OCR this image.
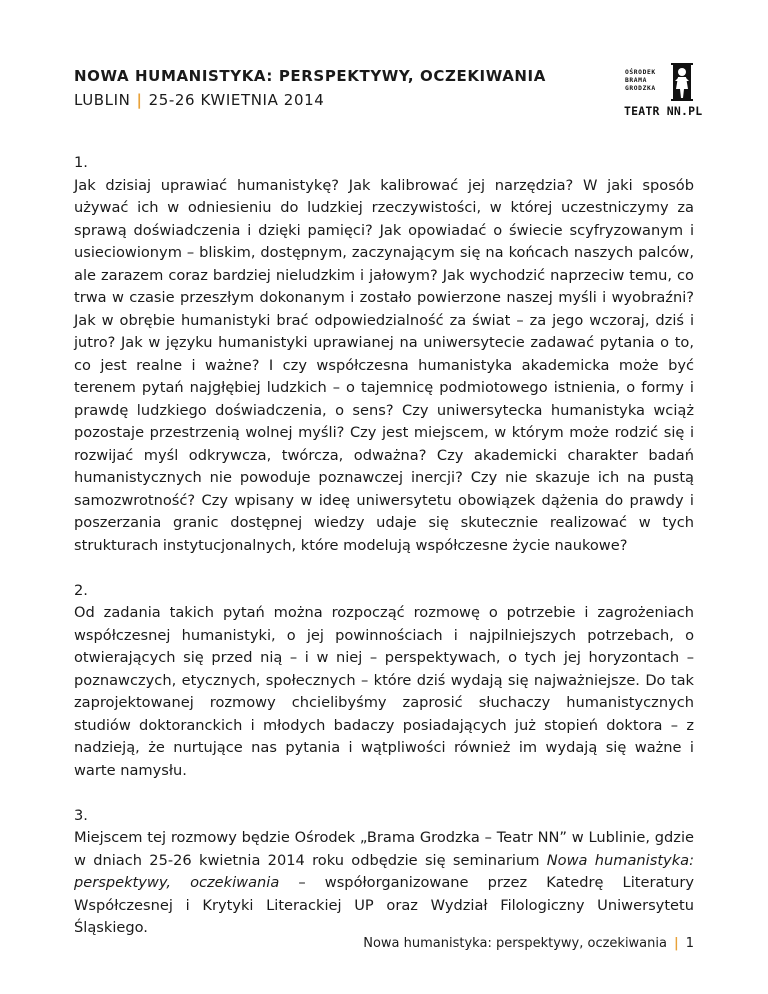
NOWA HUMANISTYKA: PERSPEKTYWY, OCZEKIWANIA
LUBLIN | 25-26 KWIETNIA 2014
OŚRODEK
BRAMA
GRODZKA
TEATR NN.PL
1.
Jak dzisiaj uprawiać humanistykę? Jak kalibrować jej narzędzia? W jaki sposób używać ich w odniesieniu do ludzkiej rzeczywistości, w której uczestniczymy za sprawą doświadczenia i dzięki pamięci? Jak opowiadać o świecie scyfryzowanym i usieciowionym – bliskim, dostępnym, zaczynającym się na końcach naszych palców, ale zarazem coraz bardziej nieludzkim i jałowym? Jak wychodzić naprzeciw temu, co trwa w czasie przeszłym dokonanym i zostało powierzone naszej myśli i wyobraźni? Jak w obrębie humanistyki brać odpowiedzialność za świat – za jego wczoraj, dziś i jutro? Jak w języku humanistyki uprawianej na uniwersytecie zadawać pytania o to, co jest realne i ważne? I czy współczesna humanistyka akademicka może być terenem pytań najgłębiej ludzkich – o tajemnicę podmiotowego istnienia, o formy i prawdę ludzkiego doświadczenia, o sens? Czy uniwersytecka humanistyka wciąż pozostaje przestrzenią wolnej myśli? Czy jest miejscem, w którym może rodzić się i rozwijać myśl odkrywcza, twórcza, odważna? Czy akademicki charakter badań humanistycznych nie powoduje poznawczej inercji? Czy nie skazuje ich na pustą samozwrotność? Czy wpisany w ideę uniwersytetu obowiązek dążenia do prawdy i poszerzania granic dostępnej wiedzy udaje się skutecznie realizować w tych strukturach instytucjonalnych, które modelują współczesne życie naukowe?
2.
Od zadania takich pytań można rozpocząć rozmowę o potrzebie i zagrożeniach współczesnej humanistyki, o jej powinnościach i najpilniejszych potrzebach, o otwierających się przed nią – i w niej – perspektywach, o tych jej horyzontach – poznawczych, etycznych, społecznych – które dziś wydają się najważniejsze. Do tak zaprojektowanej rozmowy chcielibyśmy zaprosić słuchaczy humanistycznych studiów doktoranckich i młodych badaczy posiadających już stopień doktora – z nadzieją, że nurtujące nas pytania i wątpliwości również im wydają się ważne i warte namysłu.
3.
Miejscem tej rozmowy będzie Ośrodek „Brama Grodzka – Teatr NN” w Lublinie, gdzie w dniach 25-26 kwietnia 2014 roku odbędzie się seminarium Nowa humanistyka: perspektywy, oczekiwania – współorganizowane przez Katedrę Literatury Współczesnej i Krytyki Literackiej UP oraz Wydział Filologiczny Uniwersytetu Śląskiego.
Nowa humanistyka: perspektywy, oczekiwania | 1
